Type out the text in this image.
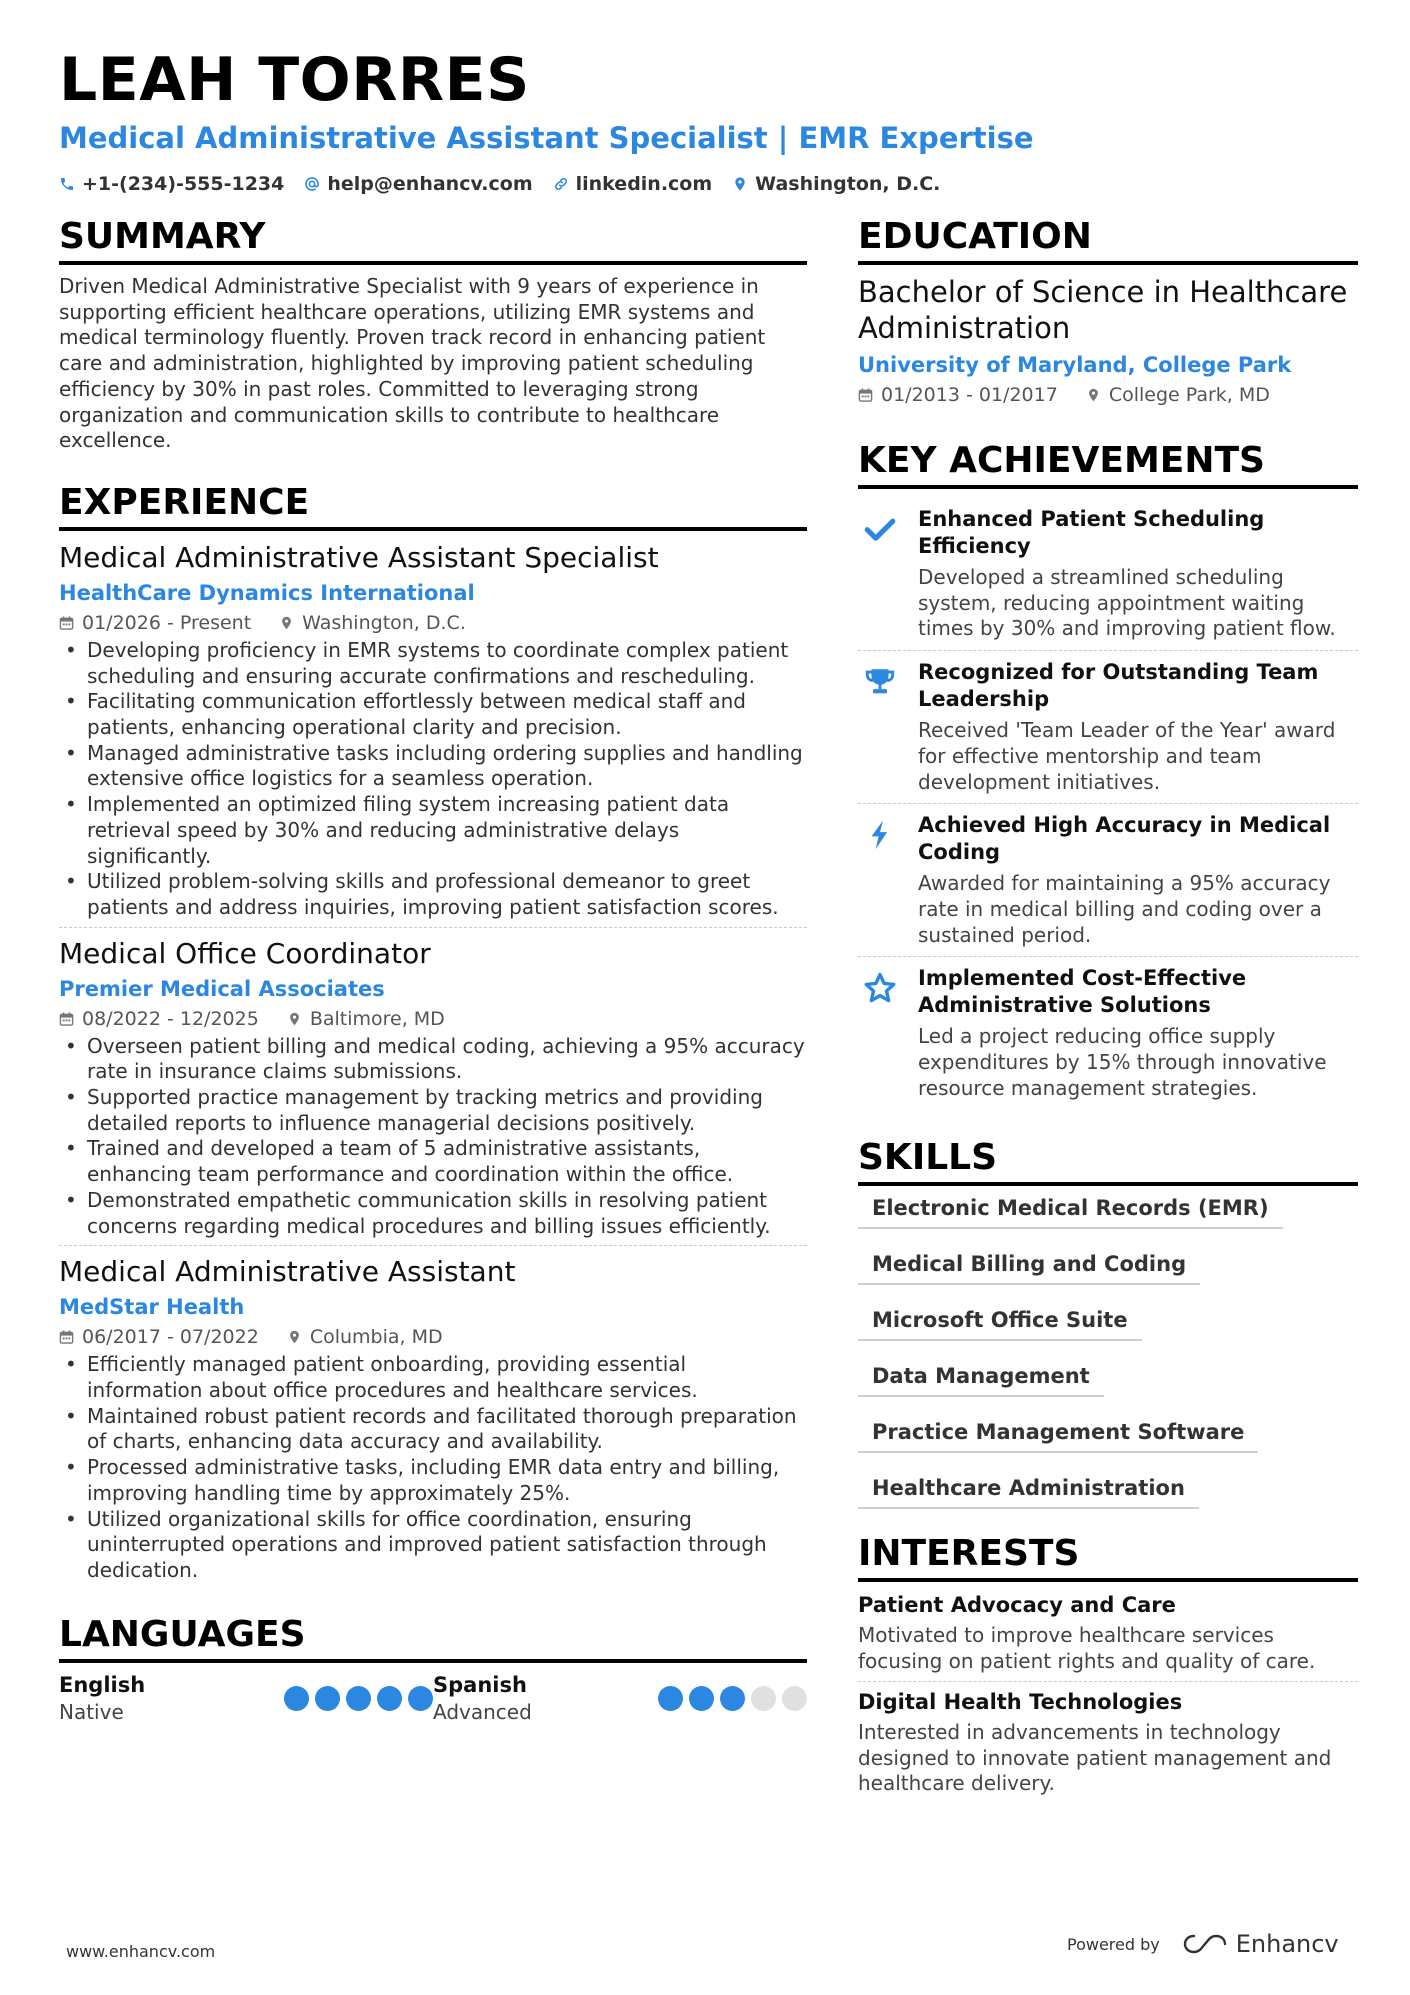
LEAH TORRES
Medical Administrative Assistant Specialist | EMR Expertise
+1-(234)-555-1234 help@enhancv.com linkedin.com Washington, D.C.
SUMMARY

Driven Medical Administrative Specialist with 9 years of experience in supporting efficient healthcare operations, utilizing EMR systems and medical terminology fluently. Proven track record in enhancing patient care and administration, highlighted by improving patient scheduling efficiency by 30% in past roles. Committed to leveraging strong organization and communication skills to contribute to healthcare excellence.

EXPERIENCE
Medical Administrative Assistant Specialist
HealthCare Dynamics International
01/2026 - Present	Washington, D.C.
• Developing proficiency in EMR systems to coordinate complex patient scheduling and ensuring accurate confirmations and rescheduling.
• Facilitating communication effortlessly between medical staff and patients, enhancing operational clarity and precision.
• Managed administrative tasks including ordering supplies and handling extensive office logistics for a seamless operation.
• Implemented an optimized filing system increasing patient data retrieval speed by 30% and reducing administrative delays significantly.
• Utilized problem-solving skills and professional demeanor to greet patients and address inquiries, improving patient satisfaction scores.
Medical Office Coordinator
Premier Medical Associates
08/2022 - 12/2025	Baltimore, MD
• Overseen patient billing and medical coding, achieving a 95% accuracy rate in insurance claims submissions.
• Supported practice management by tracking metrics and providing detailed reports to influence managerial decisions positively.
• Trained and developed a team of 5 administrative assistants, enhancing team performance and coordination within the office.
• Demonstrated empathetic communication skills in resolving patient concerns regarding medical procedures and billing issues efficiently.
Medical Administrative Assistant
MedStar Health
06/2017 - 07/2022	Columbia, MD
• Efficiently managed patient onboarding, providing essential information about office procedures and healthcare services.
• Maintained robust patient records and facilitated thorough preparation of charts, enhancing data accuracy and availability.
• Processed administrative tasks, including EMR data entry and billing, improving handling time by approximately 25%.
• Utilized organizational skills for office coordination, ensuring uninterrupted operations and improved patient satisfaction through dedication.
LANGUAGES
English
Native
Spanish
Advanced
EDUCATION
Bachelor of Science in Healthcare Administration
University of Maryland, College Park
01/2013 - 01/2017	College Park, MD
KEY ACHIEVEMENTS
Enhanced Patient Scheduling Efficiency
Developed a streamlined scheduling system, reducing appointment waiting times by 30% and improving patient flow.
Recognized for Outstanding Team Leadership
Received 'Team Leader of the Year' award for effective mentorship and team development initiatives.
Achieved High Accuracy in Medical Coding
Awarded for maintaining a 95% accuracy rate in medical billing and coding over a sustained period.
Implemented Cost-Effective Administrative Solutions
Led a project reducing office supply expenditures by 15% through innovative resource management strategies.
SKILLS
Electronic Medical Records (EMR)
Medical Billing and Coding
Microsoft Office Suite
Data Management
Practice Management Software
Healthcare Administration
INTERESTS
Patient Advocacy and Care
Motivated to improve healthcare services focusing on patient rights and quality of care.
Digital Health Technologies
Interested in advancements in technology designed to innovate patient management and healthcare delivery.
www.enhancv.com	Powered by	Enhancv
